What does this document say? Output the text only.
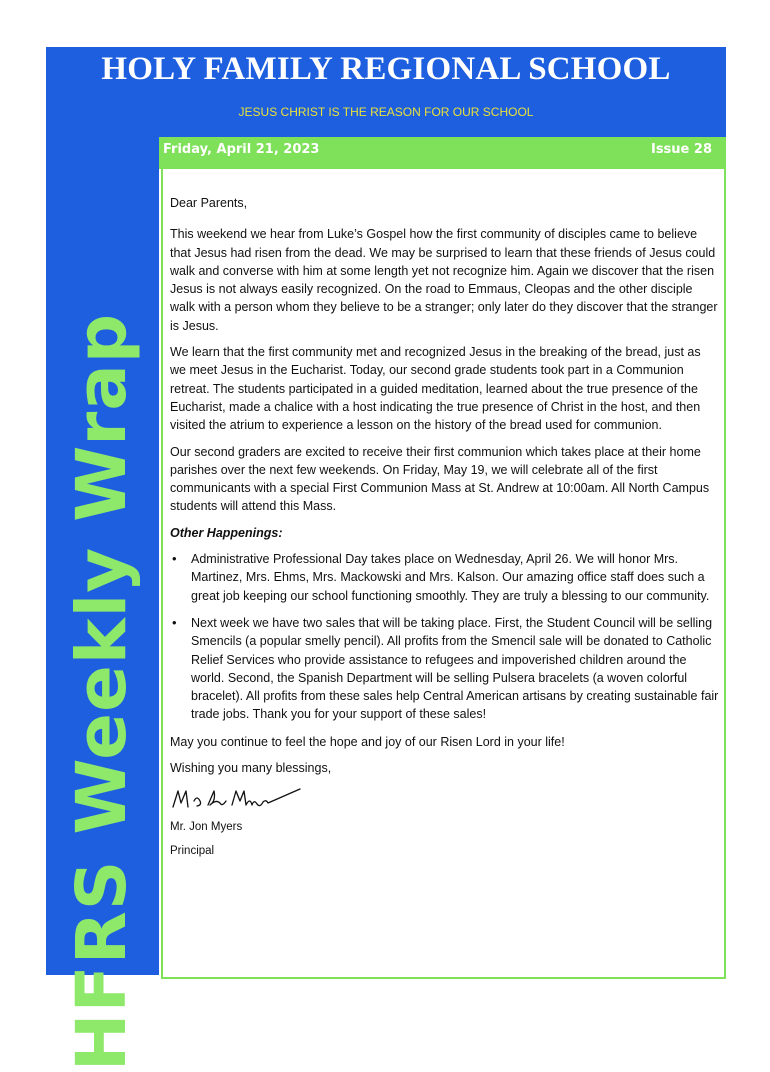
HOLY FAMILY REGIONAL SCHOOL
JESUS CHRIST IS THE REASON FOR OUR SCHOOL
HFRS Weekly Wrap
Friday, April 21, 2023	Issue 28

Dear Parents,

This weekend we hear from Luke’s Gospel how the first community of disciples came to believe that Jesus had risen from the dead. We may be surprised to learn that these friends of Jesus could walk and converse with him at some length yet not recognize him. Again we discover that the risen Jesus is not always easily recognized. On the road to Emmaus, Cleopas and the other disciple walk with a person whom they believe to be a stranger; only later do they discover that the stranger is Jesus.

We learn that the first community met and recognized Jesus in the breaking of the bread, just as we meet Jesus in the Eucharist. Today, our second grade students took part in a Communion retreat. The students participated in a guided meditation, learned about the true presence of the Eucharist, made a chalice with a host indicating the true presence of Christ in the host, and then visited the atrium to experience a lesson on the history of the bread used for communion.

Our second graders are excited to receive their first communion which takes place at their home parishes over the next few weekends. On Friday, May 19, we will celebrate all of the first communicants with a special First Communion Mass at St. Andrew at 10:00am. All North Campus students will attend this Mass.

Other Happenings:

• Administrative Professional Day takes place on Wednesday, April 26. We will honor Mrs. Martinez, Mrs. Ehms, Mrs. Mackowski and Mrs. Kalson. Our amazing office staff does such a great job keeping our school functioning smoothly. They are truly a blessing to our community.
• Next week we have two sales that will be taking place. First, the Student Council will be selling Smencils (a popular smelly pencil). All profits from the Smencil sale will be donated to Catholic Relief Services who provide assistance to refugees and impoverished children around the world. Second, the Spanish Department will be selling Pulsera bracelets (a woven colorful bracelet). All profits from these sales help Central American artisans by creating sustainable fair trade jobs. Thank you for your support of these sales!

May you continue to feel the hope and joy of our Risen Lord in your life!

Wishing you many blessings,

Mr. Jon Myers
Principal
